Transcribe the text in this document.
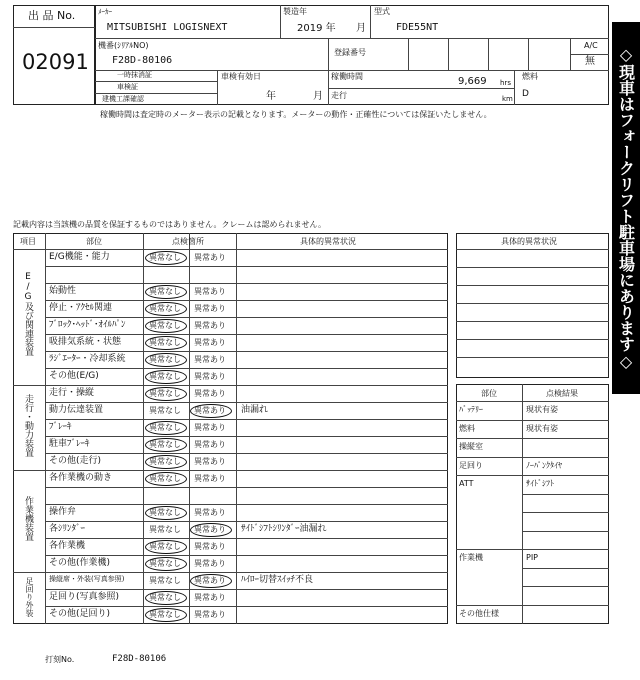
出 品 No.
02091
ﾒｰｶｰ
MITSUBISHI LOGISNEXT
製造年
2019 年 月
型式
FDE55NT
機番(ｼﾘｱﾙNO)
F28D-80106
登録番号
A/C
無
一時抹消証
車検証
建機工課確認
車検有効日
年	月
稼働時間	9,669 hrs
走行	km
燃料
D
稼働時間は査定時のメーター表示の記載となります。メーターの動作・正確性については保証いたしません。	◇現車はフォークリフト駐車場にあります◇
記載内容は当該機の品質を保証するものではありません。クレームは認められません。
項目	部位	点検箇所	具体的異常状況
E/G及び関連装置
走行・動力装置
作業機装置
足回り外装
E/G機能・能力	異常なし 異常あり
始動性	異常なし 異常あり
停止・ｱｸｾﾙ関連	異常なし 異常あり
ﾌﾞﾛｯｸ･ﾍｯﾄﾞ･ｵｲﾙﾊﾟﾝ	異常なし 異常あり
吸排気系統・状態	異常なし 異常あり
ﾗｼﾞｴｰﾀｰ・冷却系統	異常なし 異常あり
その他(E/G)	異常なし 異常あり
走行・操縦	異常なし 異常あり
動力伝達装置	異常なし 異常あり 油漏れ
ﾌﾞﾚｰｷ	異常なし 異常あり
駐車ﾌﾞﾚｰｷ	異常なし 異常あり
その他(走行)	異常なし 異常あり
各作業機の動き	異常なし 異常あり
操作弁	異常なし 異常あり
各ｼﾘﾝﾀﾞｰ	異常なし 異常あり ｻｲﾄﾞｼﾌﾄｼﾘﾝﾀﾞｰ油漏れ
各作業機	異常なし 異常あり
その他(作業機)	異常なし 異常あり
操縦席・外装(写真参照)	異常なし 異常あり ﾊｲﾛｰ切替ｽｲｯﾁ不良
足回り(写真参照)	異常なし 異常あり
その他(足回り)	異常なし 異常あり
具体的異常状況
部位	点検結果
ﾊﾞｯﾃﾘｰ	現状有姿
燃料	現状有姿
操縦室
足回り	ﾉｰﾊﾟﾝｸﾀｲﾔ
ATT	ｻｲﾄﾞｼﾌﾄ
作業機	PIP
その他仕様
打刻No.	F28D-80106
